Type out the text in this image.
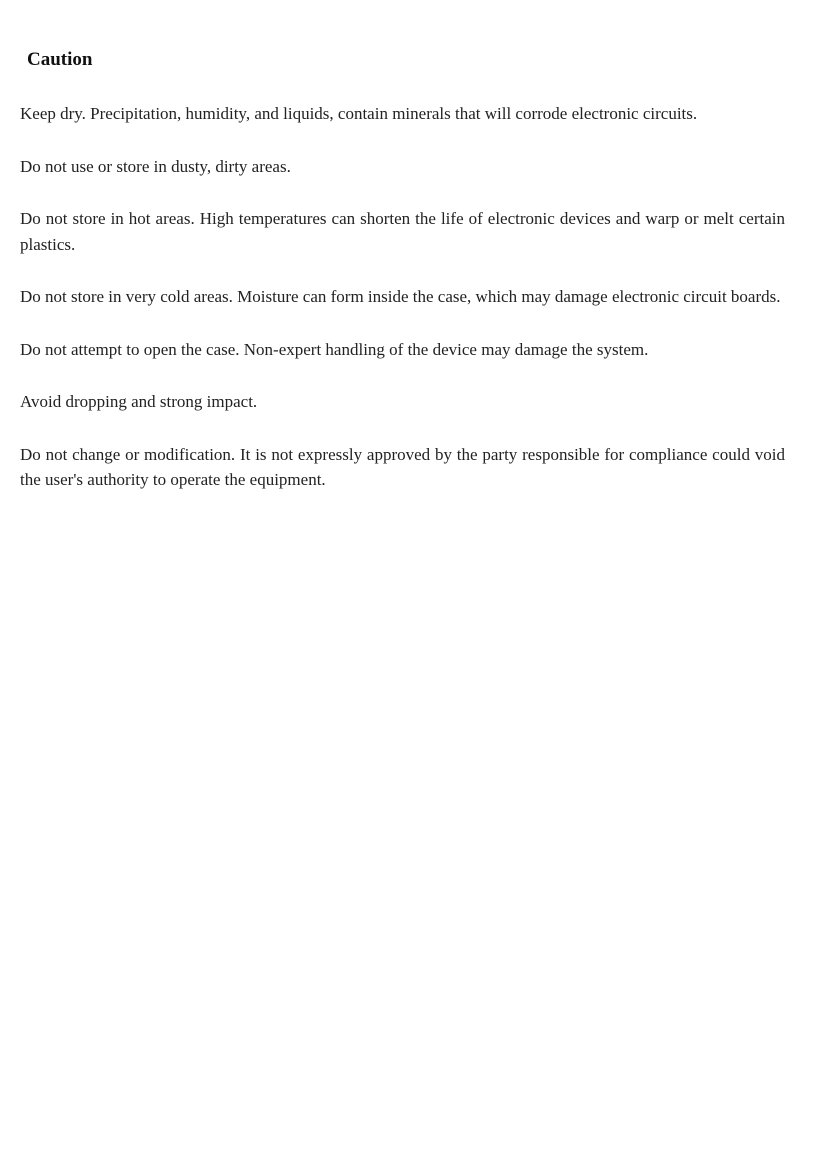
Caution

Keep dry. Precipitation, humidity, and liquids, contain minerals that will corrode electronic circuits.

Do not use or store in dusty, dirty areas.

Do not store in hot areas. High temperatures can shorten the life of electronic devices and warp or melt certain plastics.

Do not store in very cold areas. Moisture can form inside the case, which may damage electronic circuit boards.

Do not attempt to open the case. Non-expert handling of the device may damage the system.

Avoid dropping and strong impact.

Do not change or modification. It is not expressly approved by the party responsible for compliance could void the user's authority to operate the equipment.
